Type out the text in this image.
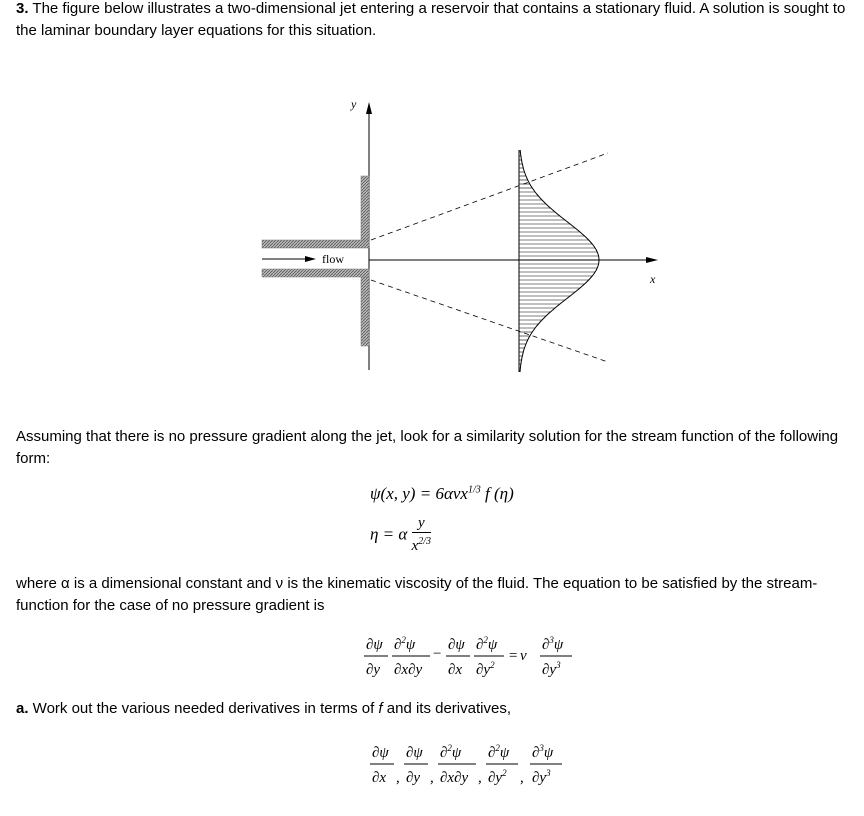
3. The figure below illustrates a two-dimensional jet entering a reservoir that contains a stationary fluid. A solution is sought to the laminar boundary layer equations for this situation.

y
flow
x

Assuming that there is no pressure gradient along the jet, look for a similarity solution for the stream function of the following form:

ψ(x, y) = 6ανx$^{1/3}$ f (η)
η = α $\frac{y}{x^{2/3}}$

where α is a dimensional constant and ν is the kinematic viscosity of the fluid. The equation to be satisfied by the stream-function for the case of no pressure gradient is

∂ψ
∂y
∂$^2$ψ
∂x∂y
−
∂ψ
∂x
∂$^2$ψ
$\partial y^2$
= ν
∂$^3$ψ
$\partial y^3$

a. Work out the various needed derivatives in terms of f and its derivatives,

∂ψ
∂x ,
∂ψ
∂y ,
∂$^2$ψ
∂x∂y ,
∂$^2$ψ
$\partial y^2$ ,
∂$^3$ψ
$\partial y^3$
